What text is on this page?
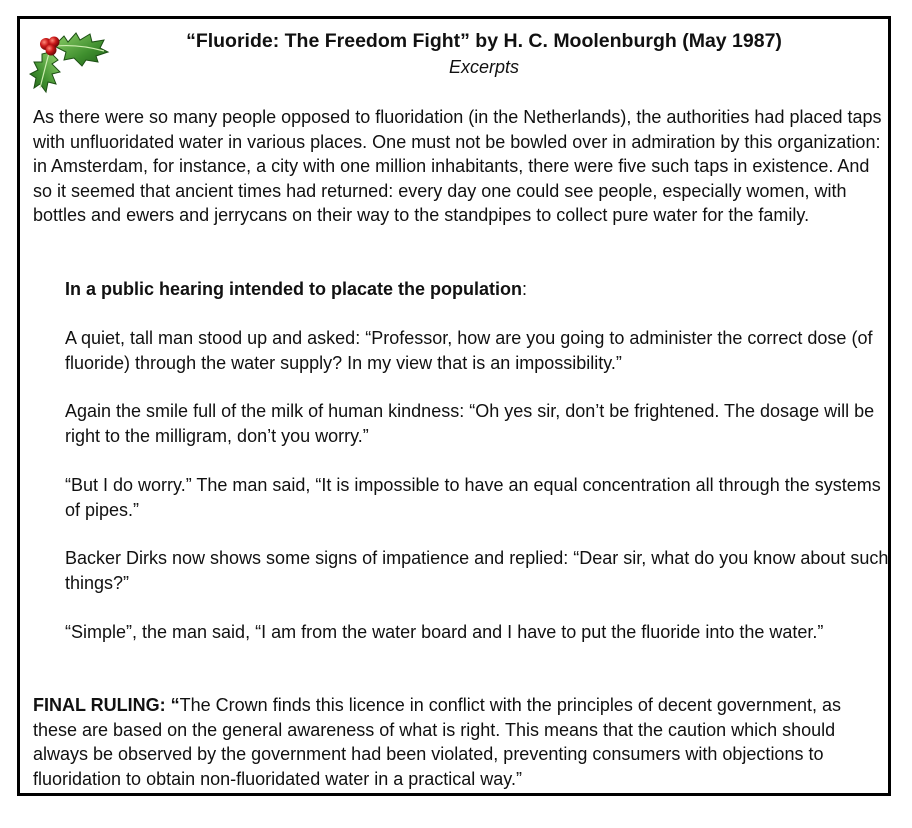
“Fluoride: The Freedom Fight” by H. C. Moolenburgh (May 1987)
Excerpts

As there were so many people opposed to fluoridation (in the Netherlands), the authorities had placed taps with unfluoridated water in various places. One must not be bowled over in admiration by this organization: in Amsterdam, for instance, a city with one million inhabitants, there were five such taps in existence. And so it seemed that ancient times had returned: every day one could see people, especially women, with bottles and ewers and jerrycans on their way to the standpipes to collect pure water for the family.

In a public hearing intended to placate the population:

A quiet, tall man stood up and asked: “Professor, how are you going to administer the correct dose (of fluoride) through the water supply? In my view that is an impossibility.”

Again the smile full of the milk of human kindness: “Oh yes sir, don’t be frightened. The dosage will be right to the milligram, don’t you worry.”

“But I do worry.” The man said, “It is impossible to have an equal concentration all through the systems of pipes.”

Backer Dirks now shows some signs of impatience and replied: “Dear sir, what do you know about such things?”

“Simple”, the man said, “I am from the water board and I have to put the fluoride into the water.”

FINAL RULING: “The Crown finds this licence in conflict with the principles of decent government, as these are based on the general awareness of what is right. This means that the caution which should always be observed by the government had been violated, preventing consumers with objections to fluoridation to obtain non-fluoridated water in a practical way.”
